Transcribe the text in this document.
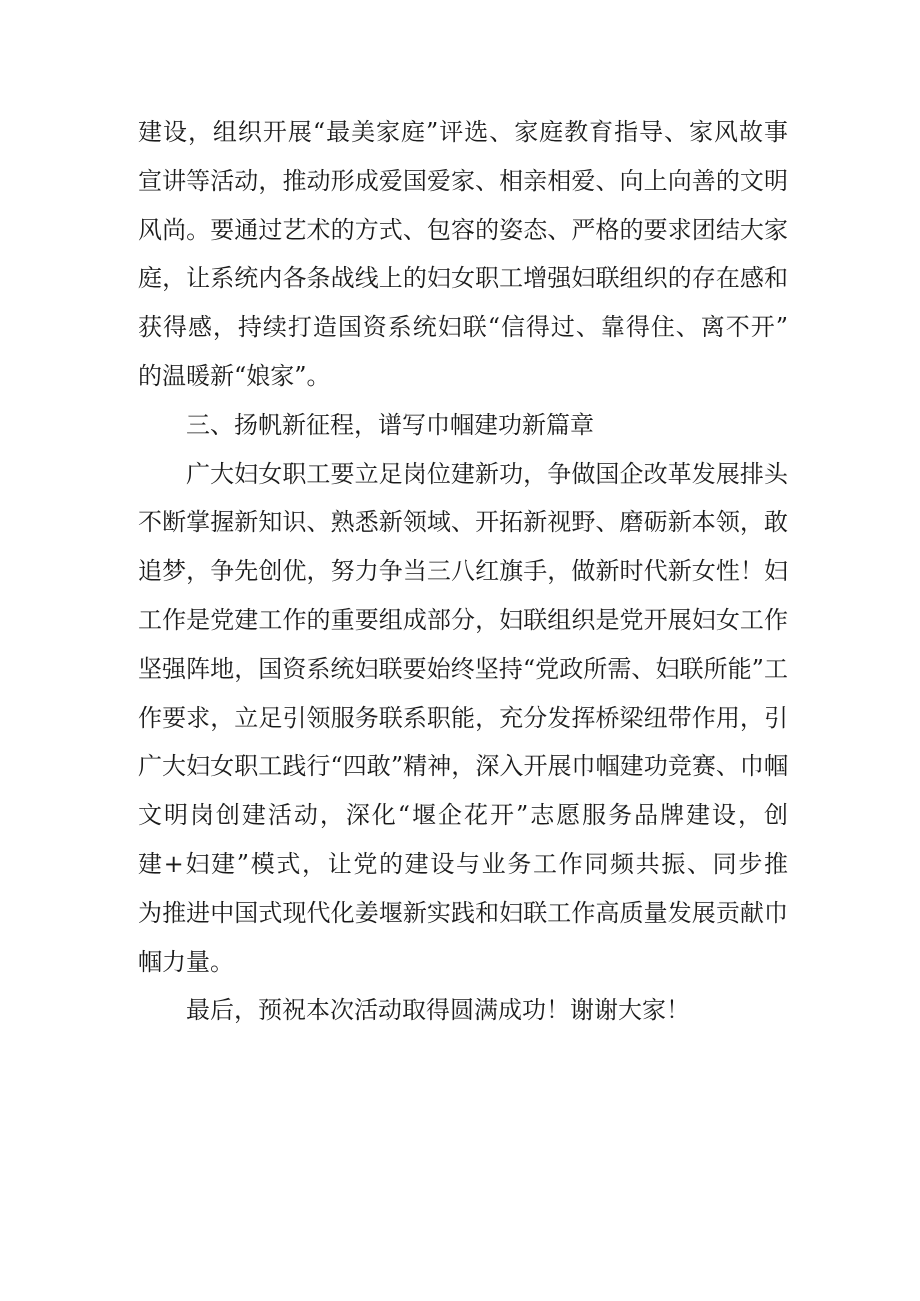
建设，组织开展“最美家庭”评选、家庭教育指导、家风故事
宣讲等活动，推动形成爱国爱家、相亲相爱、向上向善的文明
风尚。要通过艺术的方式、包容的姿态、严格的要求团结大家
庭，让系统内各条战线上的妇女职工增强妇联组织的存在感和
获得感，持续打造国资系统妇联“信得过、靠得住、离不开”
的温暖新“娘家”。
三、扬帆新征程，谱写巾帼建功新篇章
广大妇女职工要立足岗位建新功，争做国企改革发展排头
不断掌握新知识、熟悉新领域、开拓新视野、磨砺新本领，敢
追梦，争先创优，努力争当三八红旗手，做新时代新女性！妇
工作是党建工作的重要组成部分，妇联组织是党开展妇女工作
坚强阵地，国资系统妇联要始终坚持“党政所需、妇联所能”工
作要求，立足引领服务联系职能，充分发挥桥梁纽带作用，引
广大妇女职工践行“四敢”精神，深入开展巾帼建功竞赛、巾帼
文明岗创建活动，深化“堰企花开”志愿服务品牌建设，创
建+妇建”模式，让党的建设与业务工作同频共振、同步推
为推进中国式现代化姜堰新实践和妇联工作高质量发展贡献巾
帼力量。
最后，预祝本次活动取得圆满成功！谢谢大家！
